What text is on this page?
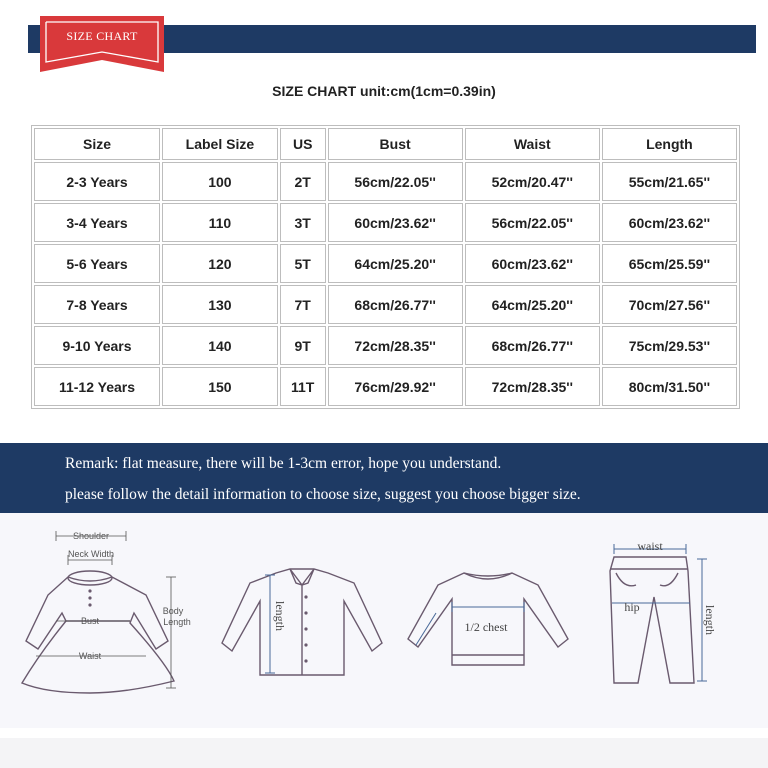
SIZE CHART
SIZE CHART unit:cm(1cm=0.39in)
Size	Label Size	US	Bust	Waist	Length
2-3 Years	100	2T	56cm/22.05''	52cm/20.47''	55cm/21.65''
3-4 Years	110	3T	60cm/23.62''	56cm/22.05''	60cm/23.62''
5-6 Years	120	5T	64cm/25.20''	60cm/23.62''	65cm/25.59''
7-8 Years	130	7T	68cm/26.77''	64cm/25.20''	70cm/27.56''
9-10 Years	140	9T	72cm/28.35''	68cm/26.77''	75cm/29.53''
11-12 Years	150	11T	76cm/29.92''	72cm/28.35''	80cm/31.50''
Remark: flat measure, there will be 1-3cm error, hope you understand.
please follow the detail information to choose size, suggest you choose bigger size.
Shoulder
Neck Width
Bust
Waist
Body
Length	length	1/2 chest
waist
hip	length
